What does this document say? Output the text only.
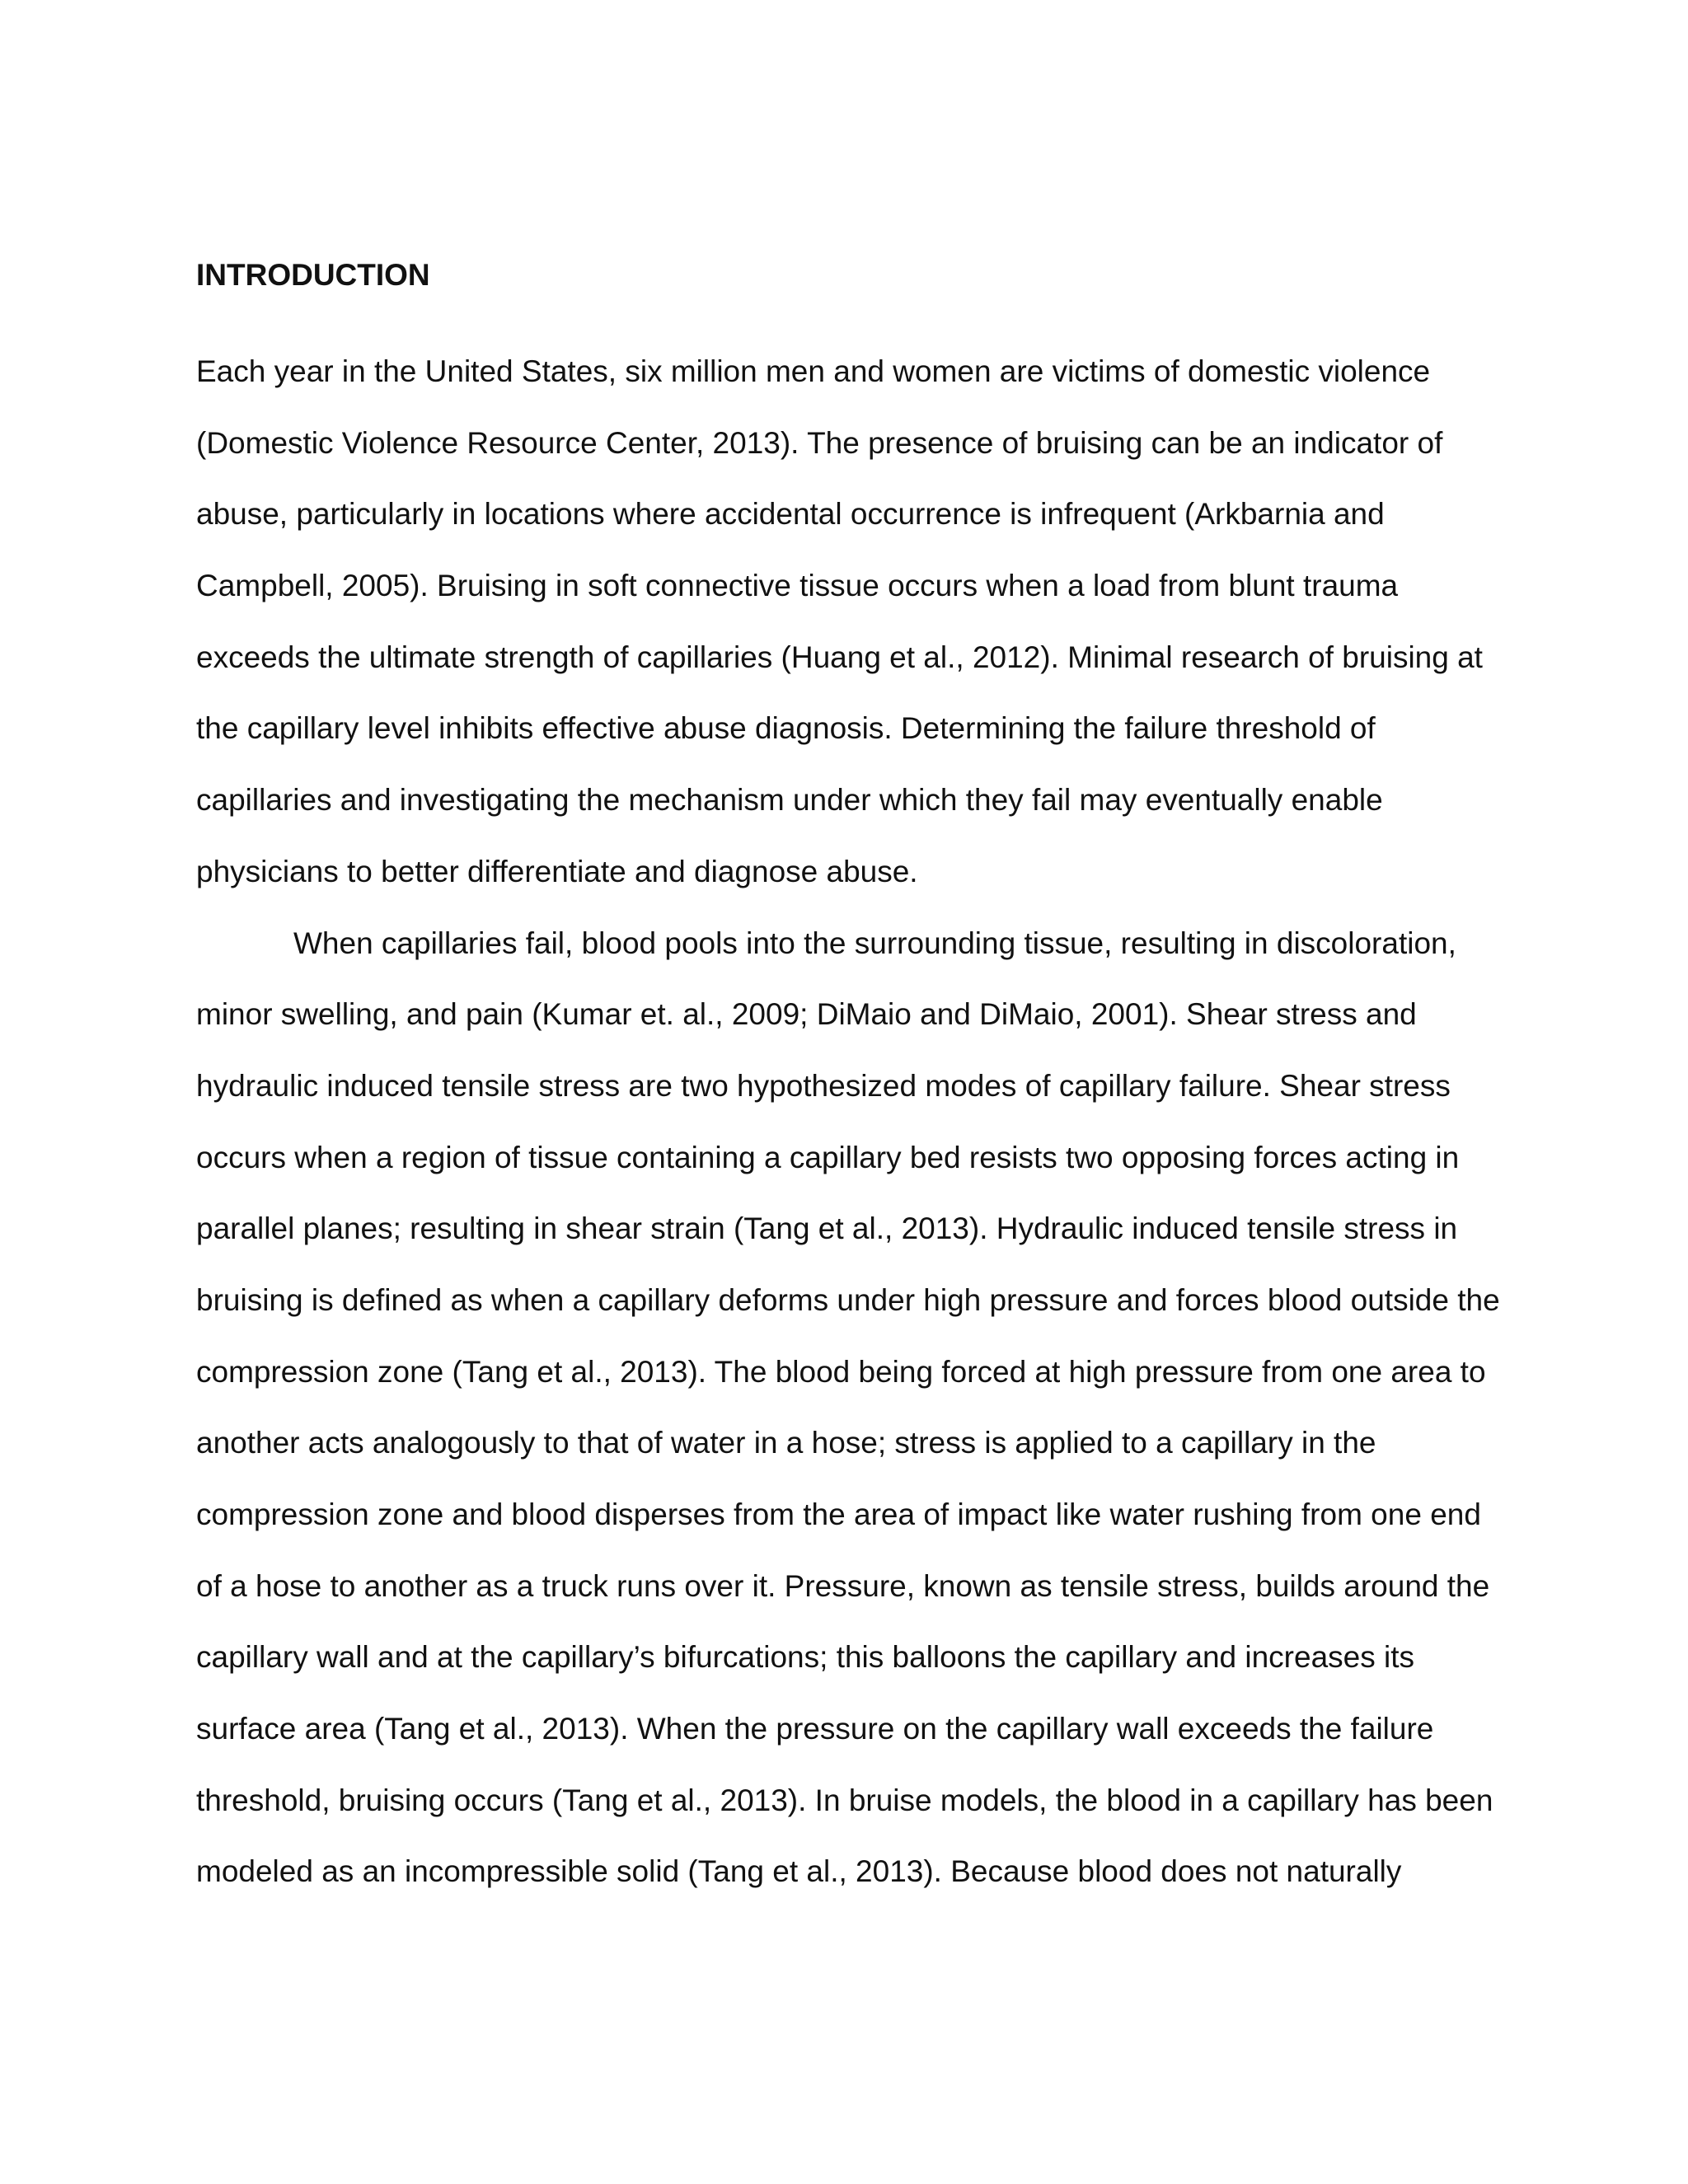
INTRODUCTION

Each year in the United States, six million men and women are victims of domestic violence
(Domestic Violence Resource Center, 2013). The presence of bruising can be an indicator of
abuse, particularly in locations where accidental occurrence is infrequent (Arkbarnia and
Campbell, 2005). Bruising in soft connective tissue occurs when a load from blunt trauma
exceeds the ultimate strength of capillaries (Huang et al., 2012). Minimal research of bruising at
the capillary level inhibits effective abuse diagnosis. Determining the failure threshold of
capillaries and investigating the mechanism under which they fail may eventually enable
physicians to better differentiate and diagnose abuse.

When capillaries fail, blood pools into the surrounding tissue, resulting in discoloration,
minor swelling, and pain (Kumar et. al., 2009; DiMaio and DiMaio, 2001). Shear stress and
hydraulic induced tensile stress are two hypothesized modes of capillary failure. Shear stress
occurs when a region of tissue containing a capillary bed resists two opposing forces acting in
parallel planes; resulting in shear strain (Tang et al., 2013). Hydraulic induced tensile stress in
bruising is defined as when a capillary deforms under high pressure and forces blood outside the
compression zone (Tang et al., 2013). The blood being forced at high pressure from one area to
another acts analogously to that of water in a hose; stress is applied to a capillary in the
compression zone and blood disperses from the area of impact like water rushing from one end
of a hose to another as a truck runs over it. Pressure, known as tensile stress, builds around the
capillary wall and at the capillary’s bifurcations; this balloons the capillary and increases its
surface area (Tang et al., 2013). When the pressure on the capillary wall exceeds the failure
threshold, bruising occurs (Tang et al., 2013). In bruise models, the blood in a capillary has been
modeled as an incompressible solid (Tang et al., 2013). Because blood does not naturally
